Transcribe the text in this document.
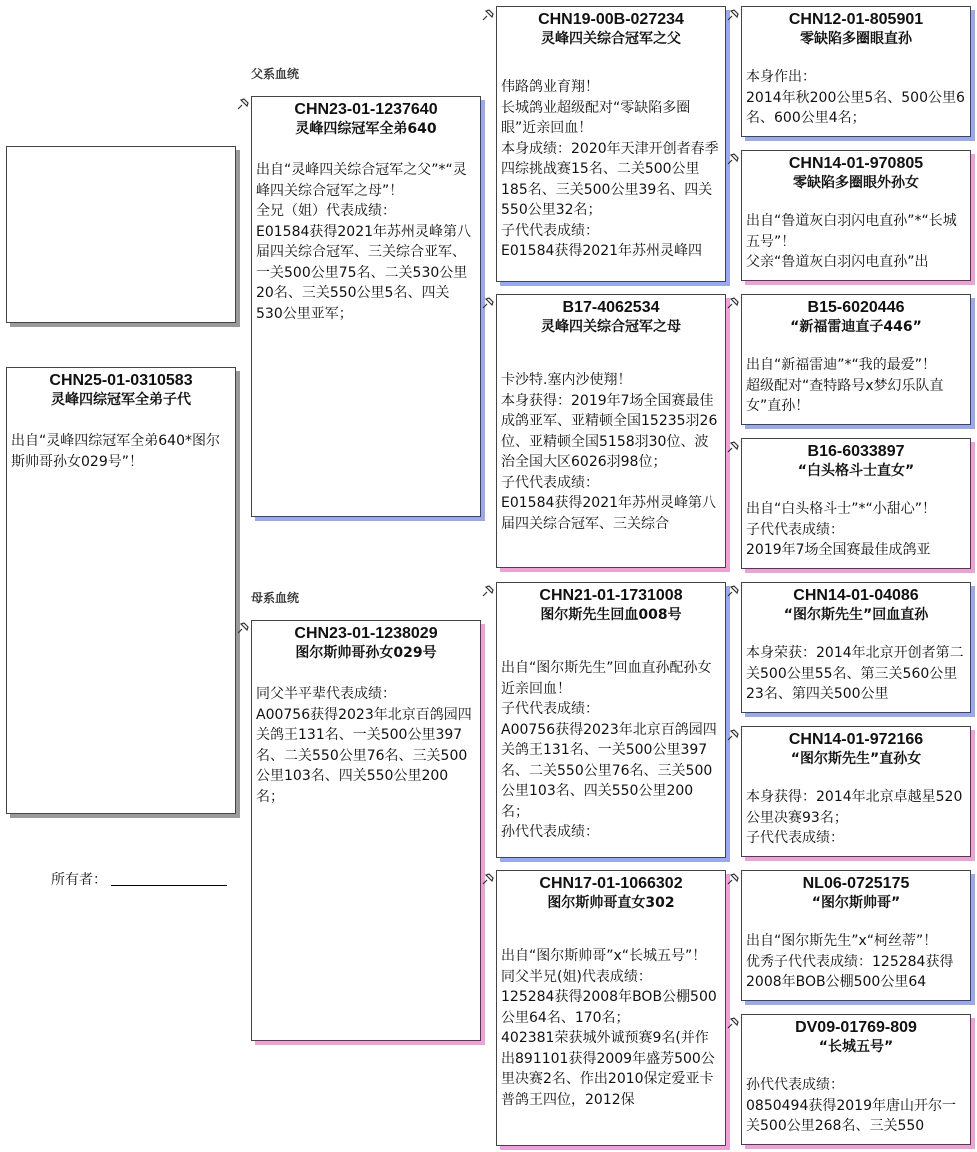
CHN25-01-0310583
灵峰四综冠军全弟子代
出自“灵峰四综冠军全弟640*图尔斯帅哥孙女029号”！
所有者：
父系血统
母系血统
CHN23-01-1237640
灵峰四综冠军全弟640
出自“灵峰四关综合冠军之父”*“灵峰四关综合冠军之母”！
全兄（姐）代表成绩：
E01584获得2021年苏州灵峰第八届四关综合冠军、三关综合亚军、一关500公里75名、二关530公里20名、三关550公里5名、四关530公里亚军；
CHN23-01-1238029
图尔斯帅哥孙女029号
同父半平辈代表成绩：
A00756获得2023年北京百鸽园四关鸽王131名、一关500公里397名、二关550公里76名、三关500公里103名、四关550公里200名；
CHN19-00B-027234
灵峰四关综合冠军之父
伟路鸽业育翔！
长城鸽业超级配对“零缺陷多圈眼”近亲回血！
本身成绩：2020年天津开创者春季四综挑战赛15名、二关500公里185名、三关500公里39名、四关550公里32名；
子代代表成绩：
E01584获得2021年苏州灵峰四
B17-4062534
灵峰四关综合冠军之母
卡沙特.塞内沙使翔！
本身获得：2019年7场全国赛最佳成鸽亚军、亚精顿全国15235羽26位、亚精顿全国5158羽30位、波治全国大区6026羽98位；
子代代表成绩：
E01584获得2021年苏州灵峰第八届四关综合冠军、三关综合
CHN21-01-1731008
图尔斯先生回血008号
出自“图尔斯先生”回血直孙配孙女近亲回血！
子代代表成绩：
A00756获得2023年北京百鸽园四关鸽王131名、一关500公里397名、二关550公里76名、三关500公里103名、四关550公里200名；
孙代代表成绩：
CHN17-01-1066302
图尔斯帅哥直女302
出自“图尔斯帅哥”x“长城五号”！
同父半兄(姐)代表成绩：
125284获得2008年BOB公棚500公里64名、170名；
402381荣获城外诚预赛9名(并作出891101获得2009年盛芳500公里决赛2名、作出2010保定爱亚卡普鸽王四位，2012保
CHN12-01-805901
零缺陷多圈眼直孙
本身作出：
2014年秋200公里5名、500公里6名、600公里4名；
CHN14-01-970805
零缺陷多圈眼外孙女
出自“鲁道灰白羽闪电直孙”*“长城五号”！
父亲“鲁道灰白羽闪电直孙”出
B15-6020446
“新福雷迪直子446”
出自“新福雷迪”*“我的最爱”！
超级配对“查特路号x梦幻乐队直女”直孙！
B16-6033897
“白头格斗士直女”
出自“白头格斗士”*“小甜心”！
子代代表成绩：
2019年7场全国赛最佳成鸽亚
CHN14-01-04086
“图尔斯先生”回血直孙
本身荣获：2014年北京开创者第二关500公里55名、第三关560公里23名、第四关500公里
CHN14-01-972166
“图尔斯先生”直孙女
本身获得：2014年北京卓越星520公里决赛93名；
子代代表成绩：
NL06-0725175
“图尔斯帅哥”
出自“图尔斯先生”x“柯丝蒂”！
优秀子代代表成绩：125284获得2008年BOB公棚500公里64
DV09-01769-809
“长城五号”
孙代代表成绩：
0850494获得2019年唐山开尔一关500公里268名、三关550
